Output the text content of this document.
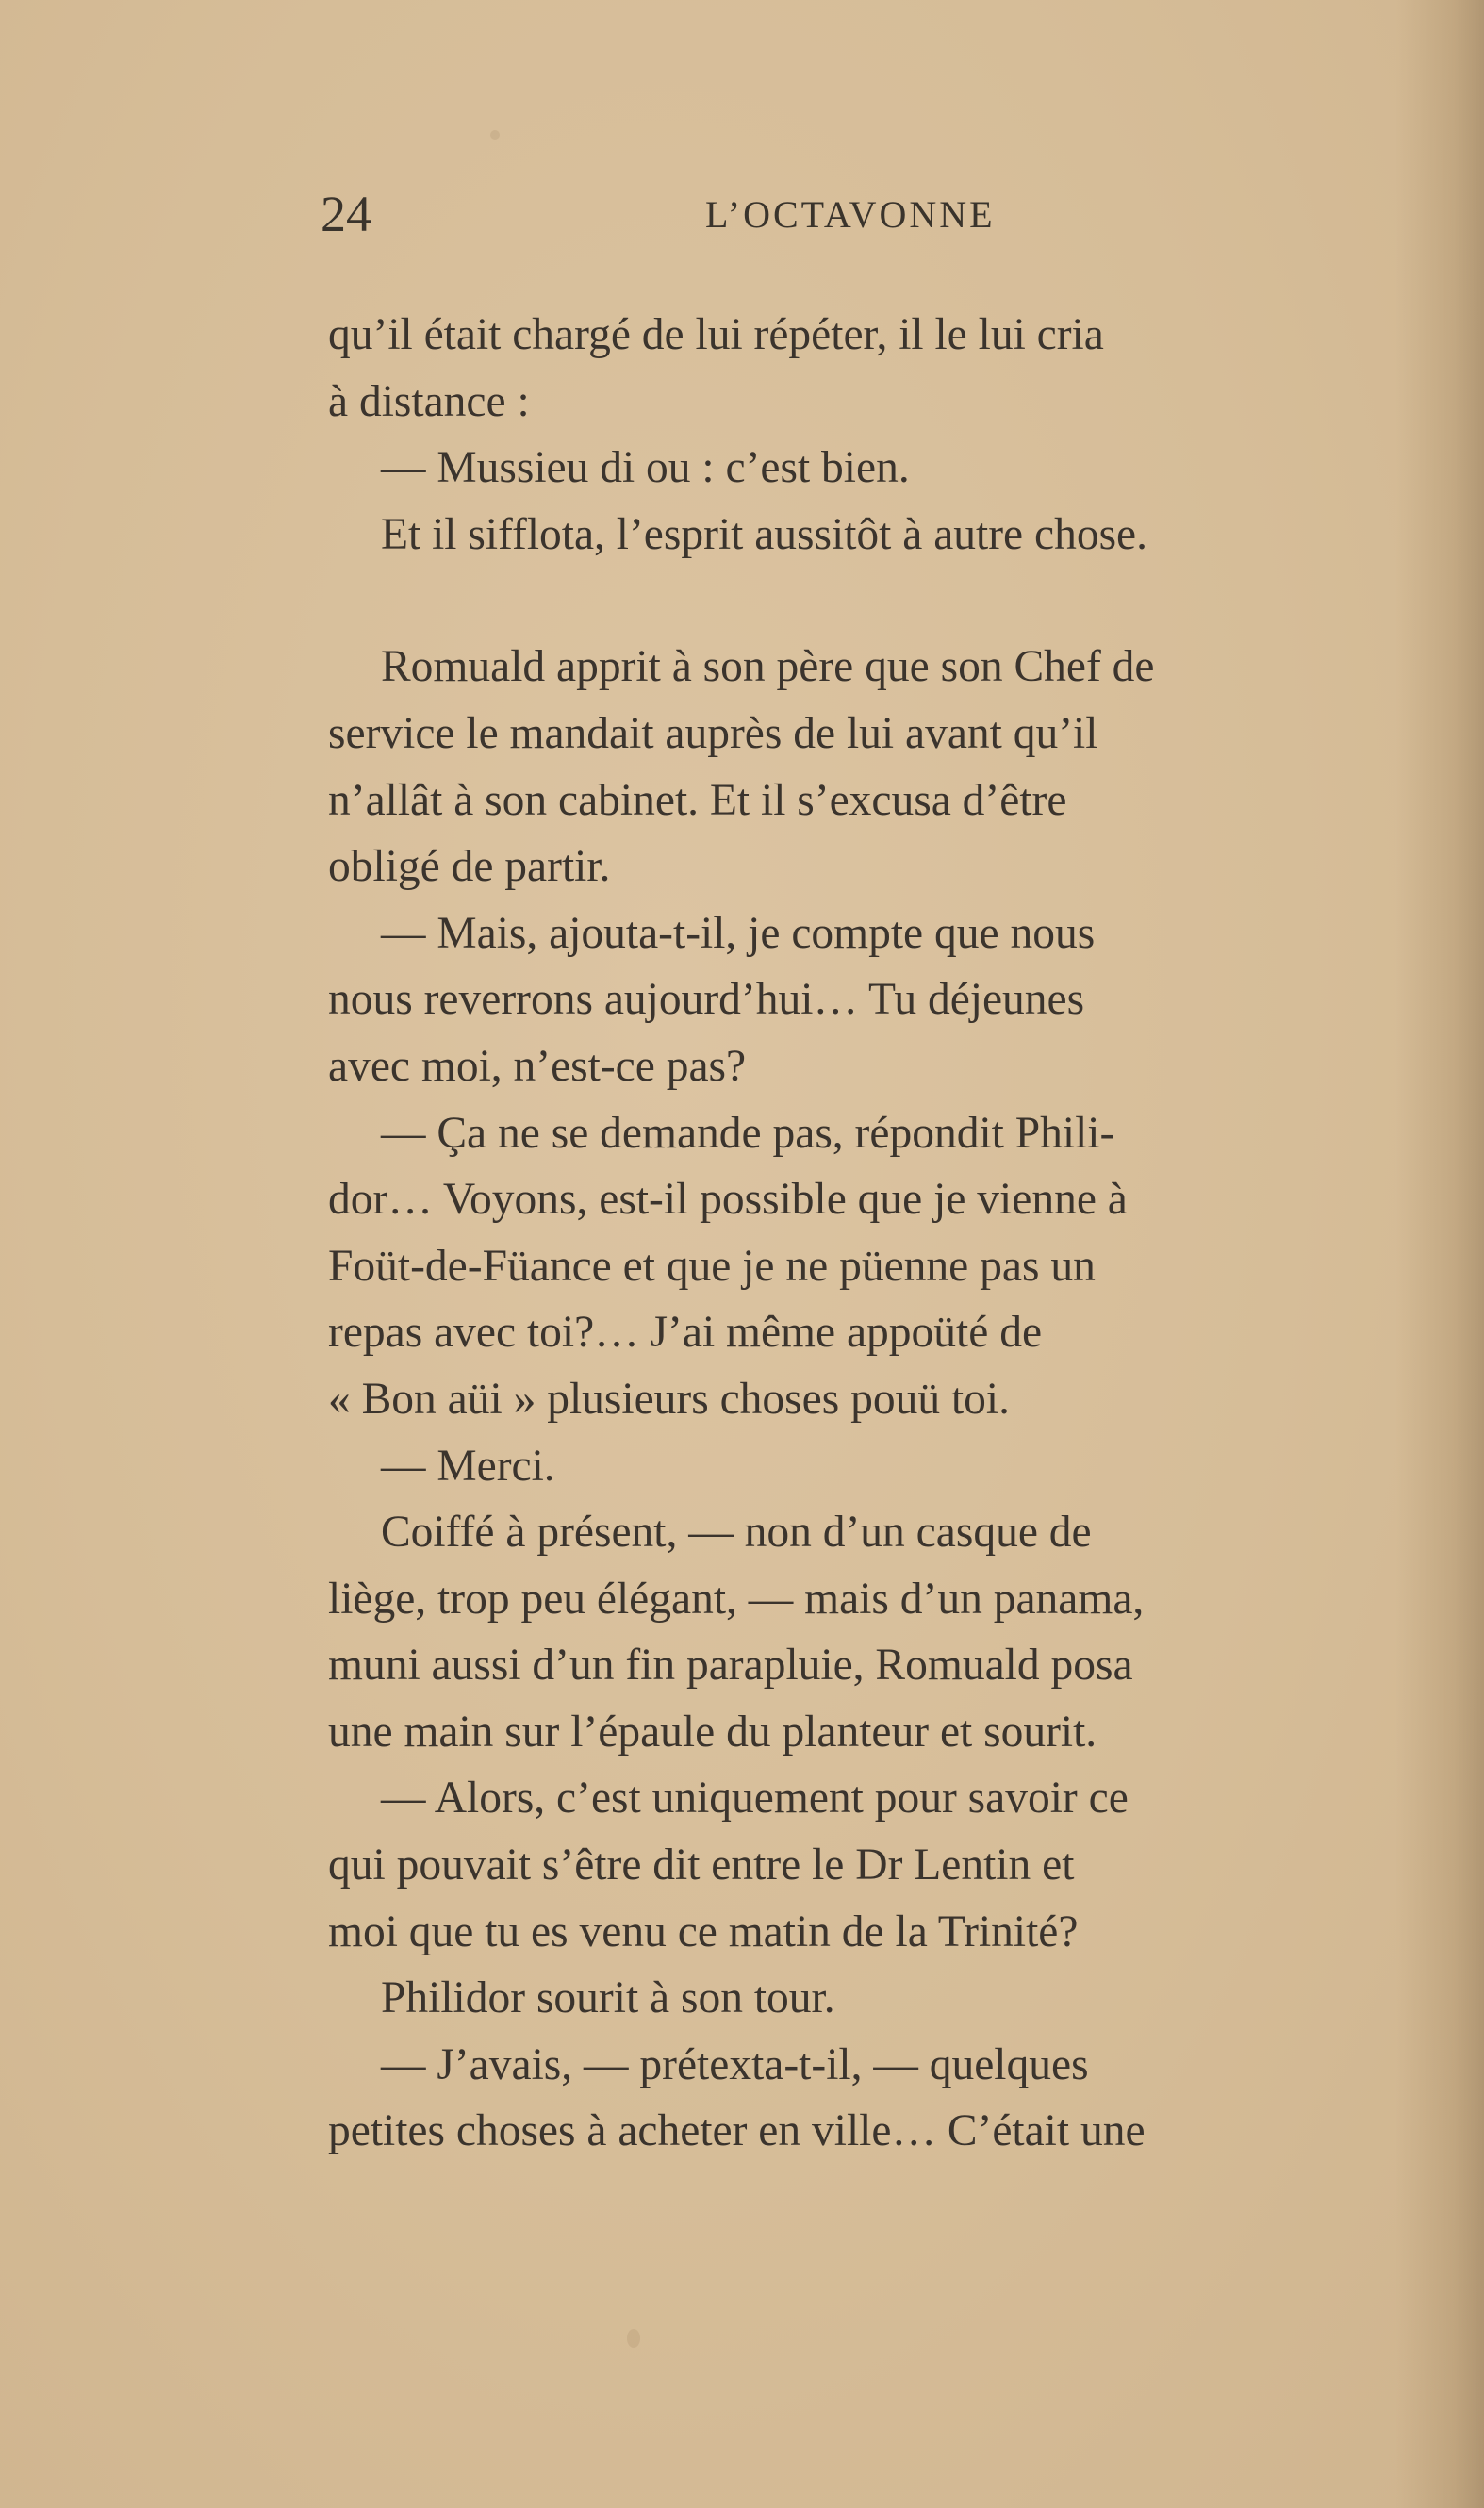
24	L’OCTAVONNE
qu’il était chargé de lui répéter, il le lui cria
à distance :
— Mussieu di ou : c’est bien.
Et il sifflota, l’esprit aussitôt à autre chose.
Romuald apprit à son père que son Chef de
service le mandait auprès de lui avant qu’il
n’allât à son cabinet. Et il s’excusa d’être
obligé de partir.
— Mais, ajouta-t-il, je compte que nous
nous reverrons aujourd’hui… Tu déjeunes
avec moi, n’est-ce pas?
— Ça ne se demande pas, répondit Phili-
dor… Voyons, est-il possible que je vienne à
Foüt-de-Füance et que je ne püenne pas un
repas avec toi?… J’ai même appoüté de
« Bon aüi » plusieurs choses pouü toi.
— Merci.
Coiffé à présent, — non d’un casque de
liège, trop peu élégant, — mais d’un panama,
muni aussi d’un fin parapluie, Romuald posa
une main sur l’épaule du planteur et sourit.
— Alors, c’est uniquement pour savoir ce
qui pouvait s’être dit entre le Dr Lentin et
moi que tu es venu ce matin de la Trinité?
Philidor sourit à son tour.
— J’avais, — prétexta-t-il, — quelques
petites choses à acheter en ville… C’était une
